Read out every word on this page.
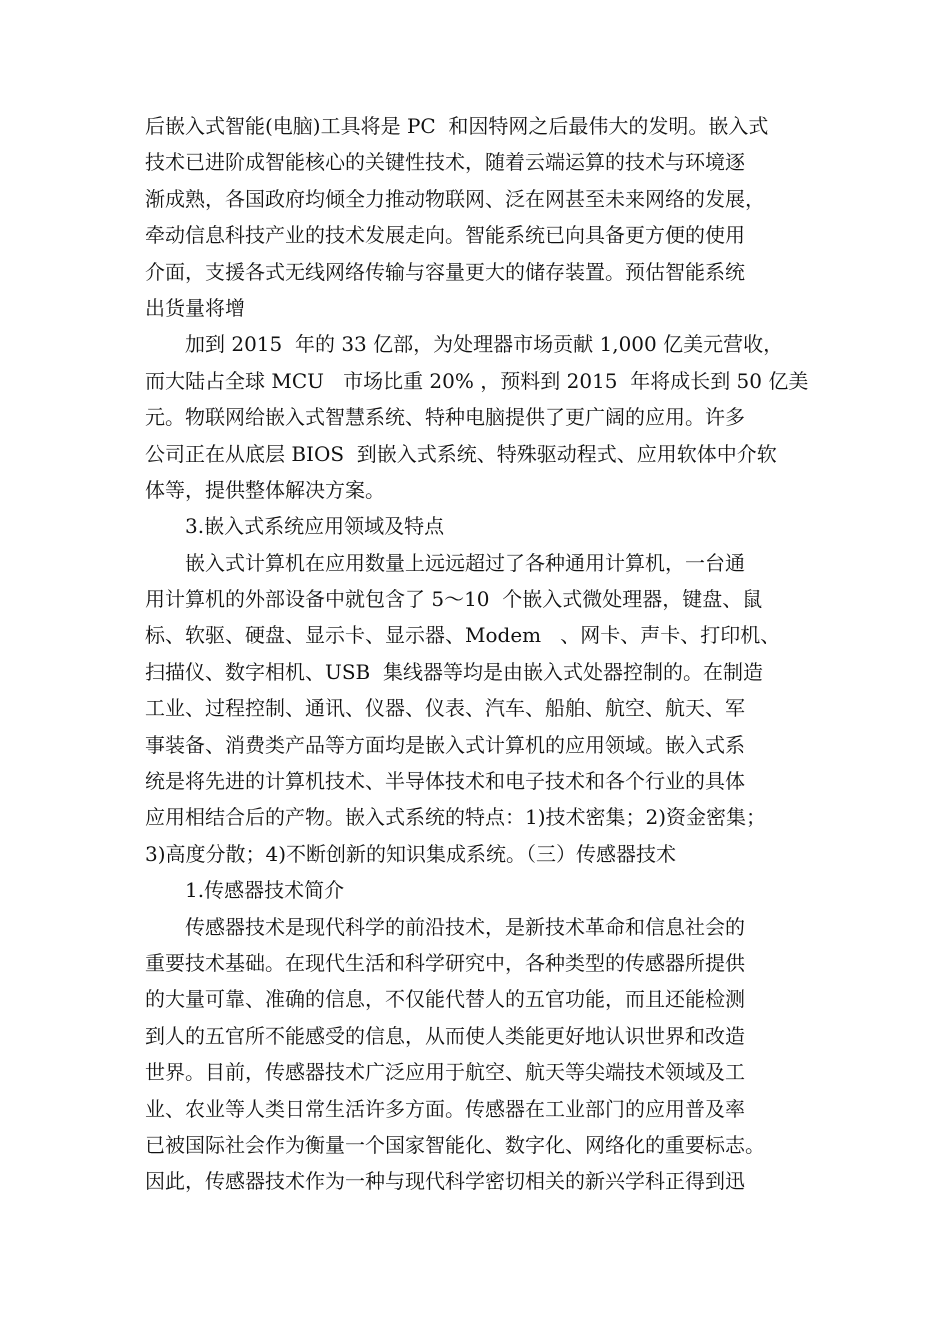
后嵌入式智能(电脑)工具将是 PC  和因特网之后最伟大的发明。嵌入式
技术已进阶成智能核心的关键性技术，随着云端运算的技术与环境逐
渐成熟，各国政府均倾全力推动物联网、泛在网甚至未来网络的发展，
牵动信息科技产业的技术发展走向。智能系统已向具备更方便的使用
介面，支援各式无线网络传输与容量更大的储存装置。预估智能系统
出货量将增
加到 2015  年的 33 亿部，为处理器市场贡献 1,000 亿美元营收，
而大陆占全球 MCU   市场比重 20% ，预料到 2015  年将成长到 50 亿美
元。物联网给嵌入式智慧系统、特种电脑提供了更广阔的应用。许多
公司正在从底层 BIOS  到嵌入式系统、特殊驱动程式、应用软体中介软
体等，提供整体解决方案。
3.嵌入式系统应用领域及特点
嵌入式计算机在应用数量上远远超过了各种通用计算机，一台通
用计算机的外部设备中就包含了 5～10  个嵌入式微处理器，键盘、鼠
标、软驱、硬盘、显示卡、显示器、Modem   、网卡、声卡、打印机、
扫描仪、数字相机、USB  集线器等均是由嵌入式处器控制的。在制造
工业、过程控制、通讯、仪器、仪表、汽车、船舶、航空、航天、军
事装备、消费类产品等方面均是嵌入式计算机的应用领域。嵌入式系
统是将先进的计算机技术、半导体技术和电子技术和各个行业的具体
应用相结合后的产物。嵌入式系统的特点：1)技术密集；2)资金密集；
3)高度分散；4)不断创新的知识集成系统。（三）传感器技术
1.传感器技术简介
传感器技术是现代科学的前沿技术，是新技术革命和信息社会的
重要技术基础。在现代生活和科学研究中，各种类型的传感器所提供
的大量可靠、准确的信息，不仅能代替人的五官功能，而且还能检测
到人的五官所不能感受的信息，从而使人类能更好地认识世界和改造
世界。目前，传感器技术广泛应用于航空、航天等尖端技术领域及工
业、农业等人类日常生活许多方面。传感器在工业部门的应用普及率
已被国际社会作为衡量一个国家智能化、数字化、网络化的重要标志。
因此，传感器技术作为一种与现代科学密切相关的新兴学科正得到迅
